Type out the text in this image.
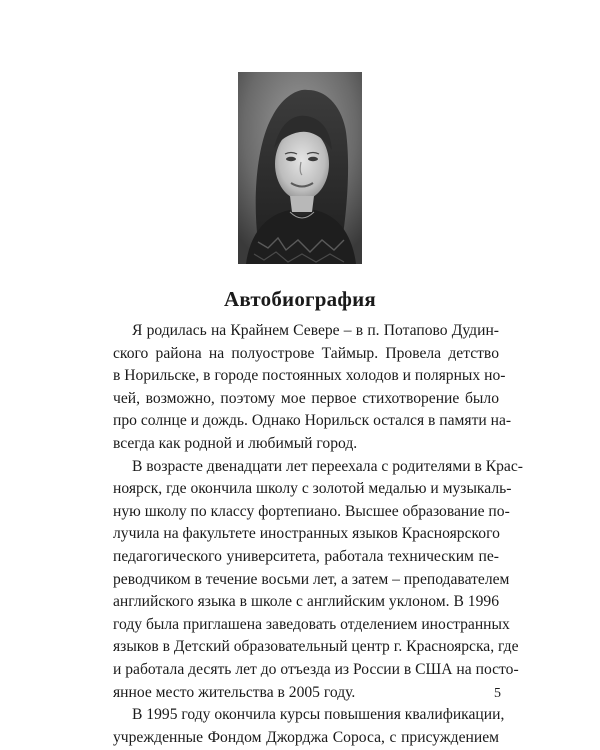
Автобиография
Я родилась на Крайнем Севере – в п. Потапово Дудин-
ского района на полуострове Таймыр. Провела детство
в Норильске, в городе постоянных холодов и полярных но-
чей, возможно, поэтому мое первое стихотворение было
про солнце и дождь. Однако Норильск остался в памяти на-
всегда как родной и любимый город.
В возрасте двенадцати лет переехала с родителями в Крас-
ноярск, где окончила школу с золотой медалью и музыкаль-
ную школу по классу фортепиано. Высшее образование по-
лучила на факультете иностранных языков Красноярского
педагогического университета, работала техническим пе-
реводчиком в течение восьми лет, а затем – преподавателем
английского языка в школе с английским уклоном. В 1996
году была приглашена заведовать отделением иностранных
языков в Детский образовательный центр г. Красноярска, где
и работала десять лет до отъезда из России в США на посто-
янное место жительства в 2005 году.
В 1995 году окончила курсы повышения квалификации,
учрежденные Фондом Джорджа Сороса, с присуждением
5
